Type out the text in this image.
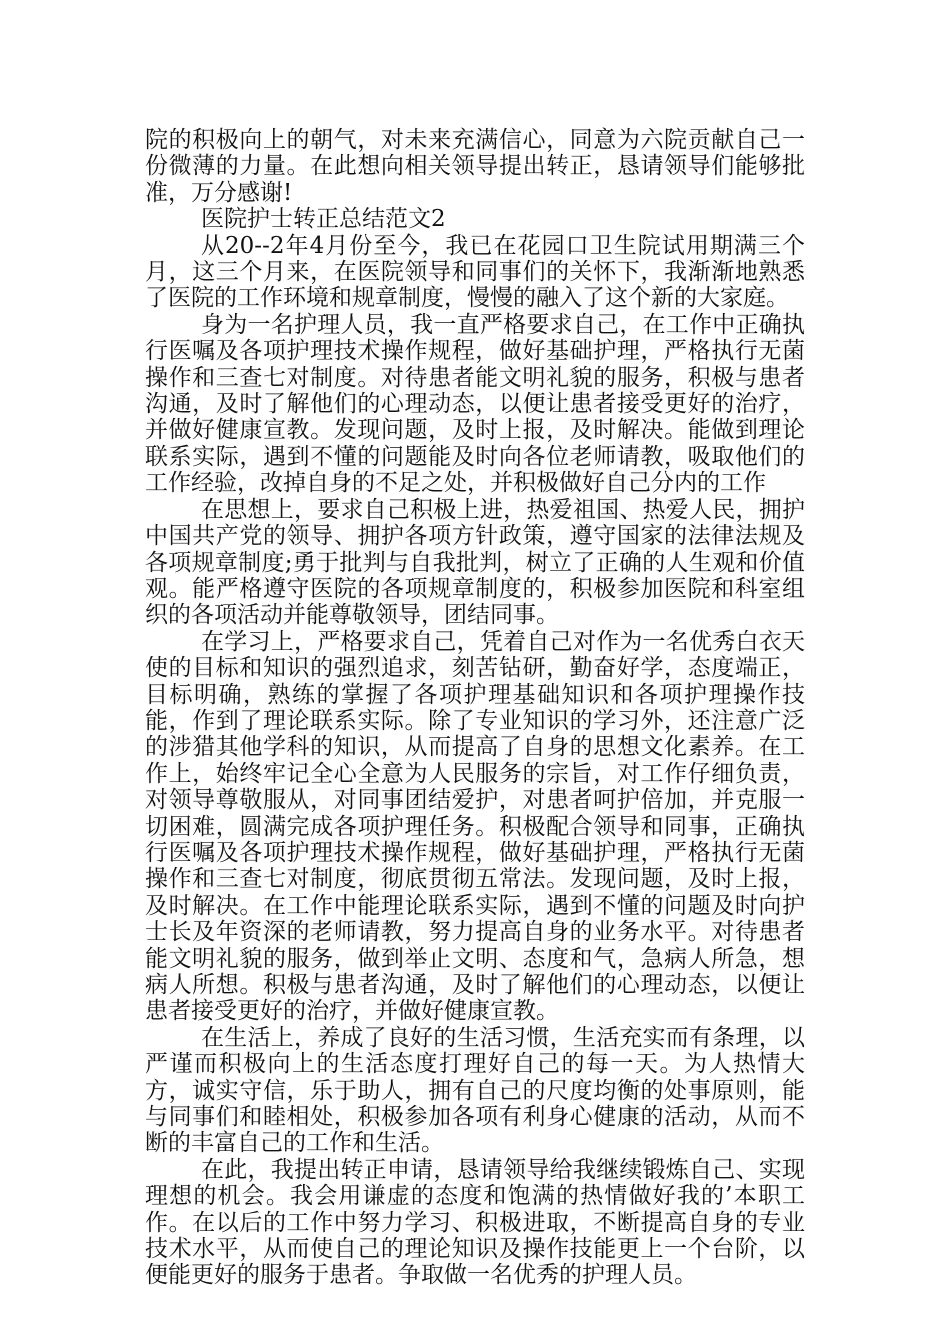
院的积极向上的朝气，对未来充满信心，同意为六院贡献自己一份微薄的力量。在此想向相关领导提出转正，恳请领导们能够批准，万分感谢!

医院护士转正总结范文2

从20--2年4月份至今，我已在花园口卫生院试用期满三个月，这三个月来，在医院领导和同事们的关怀下，我渐渐地熟悉了医院的工作环境和规章制度，慢慢的融入了这个新的大家庭。

身为一名护理人员，我一直严格要求自己，在工作中正确执行医嘱及各项护理技术操作规程，做好基础护理，严格执行无菌操作和三查七对制度。对待患者能文明礼貌的服务，积极与患者沟通，及时了解他们的心理动态，以便让患者接受更好的治疗，并做好健康宣教。发现问题，及时上报，及时解决。能做到理论联系实际，遇到不懂的问题能及时向各位老师请教，吸取他们的工作经验，改掉自身的不足之处，并积极做好自己分内的工作

在思想上，要求自己积极上进，热爱祖国、热爱人民，拥护中国共产党的领导、拥护各项方针政策，遵守国家的法律法规及各项规章制度;勇于批判与自我批判，树立了正确的人生观和价值观。能严格遵守医院的各项规章制度的，积极参加医院和科室组织的各项活动并能尊敬领导，团结同事。

在学习上，严格要求自己，凭着自己对作为一名优秀白衣天使的目标和知识的强烈追求，刻苦钻研，勤奋好学，态度端正，目标明确，熟练的掌握了各项护理基础知识和各项护理操作技能，作到了理论联系实际。除了专业知识的学习外，还注意广泛的涉猎其他学科的知识，从而提高了自身的思想文化素养。在工作上，始终牢记全心全意为人民服务的宗旨，对工作仔细负责，对领导尊敬服从，对同事团结爱护，对患者呵护倍加，并克服一切困难，圆满完成各项护理任务。积极配合领导和同事，正确执行医嘱及各项护理技术操作规程，做好基础护理，严格执行无菌操作和三查七对制度，彻底贯彻五常法。发现问题，及时上报，及时解决。在工作中能理论联系实际，遇到不懂的问题及时向护士长及年资深的老师请教，努力提高自身的业务水平。对待患者能文明礼貌的服务，做到举止文明、态度和气，急病人所急，想病人所想。积极与患者沟通，及时了解他们的心理动态，以便让患者接受更好的治疗，并做好健康宣教。

在生活上，养成了良好的生活习惯，生活充实而有条理，以严谨而积极向上的生活态度打理好自己的每一天。为人热情大方，诚实守信，乐于助人，拥有自己的尺度均衡的处事原则，能与同事们和睦相处，积极参加各项有利身心健康的活动，从而不断的丰富自己的工作和生活。

在此，我提出转正申请，恳请领导给我继续锻炼自己、实现理想的机会。我会用谦虚的态度和饱满的热情做好我的’本职工作。在以后的工作中努力学习、积极进取，不断提高自身的专业技术水平，从而使自己的理论知识及操作技能更上一个台阶，以便能更好的服务于患者。争取做一名优秀的护理人员。
